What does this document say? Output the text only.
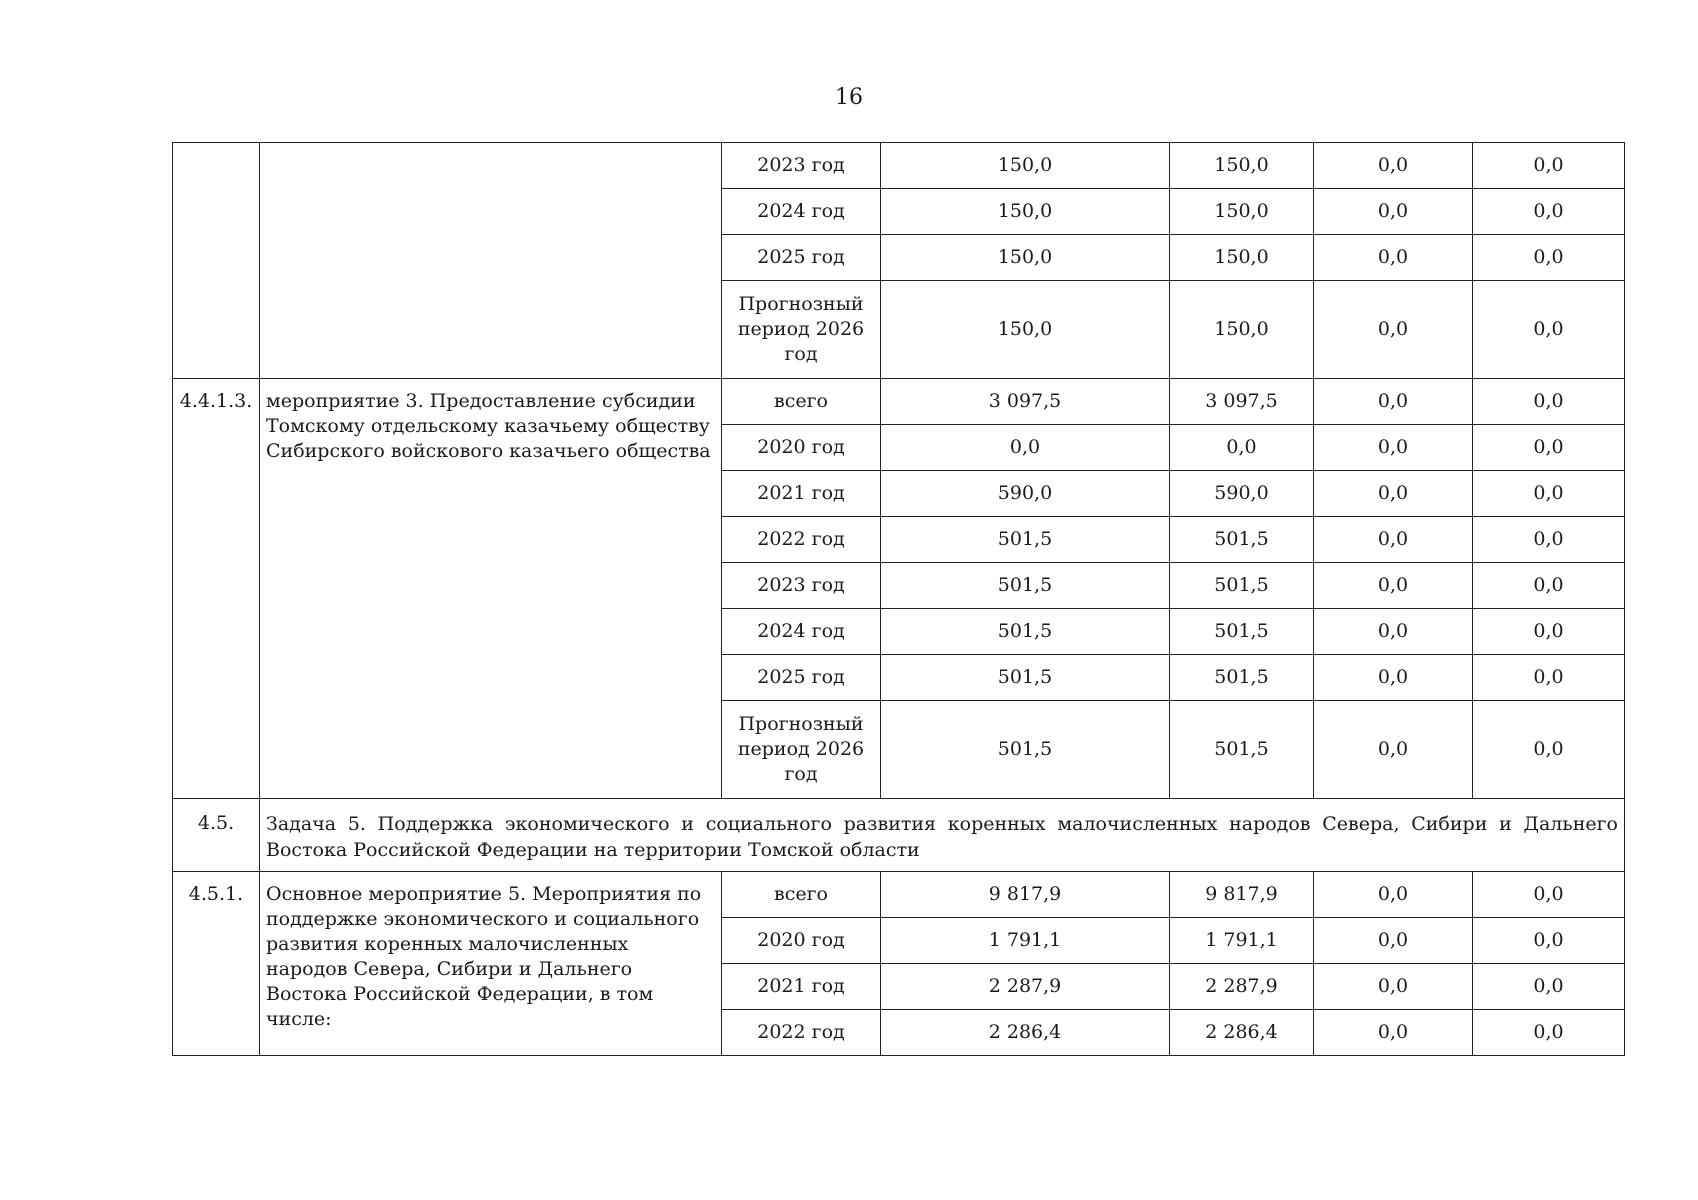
16
		2023 год	150,0	150,0	0,0	0,0
		2024 год	150,0	150,0	0,0	0,0
		2025 год	150,0	150,0	0,0	0,0
		Прогнозный период 2026 год	150,0	150,0	0,0	0,0
4.4.1.3.	мероприятие 3. Предоставление субсидии Томскому отдельскому казачьему обществу Сибирского войскового казачьего общества	всего	3 097,5	3 097,5	0,0	0,0
		2020 год	0,0	0,0	0,0	0,0
		2021 год	590,0	590,0	0,0	0,0
		2022 год	501,5	501,5	0,0	0,0
		2023 год	501,5	501,5	0,0	0,0
		2024 год	501,5	501,5	0,0	0,0
		2025 год	501,5	501,5	0,0	0,0
		Прогнозный период 2026 год	501,5	501,5	0,0	0,0
4.5.	Задача 5. Поддержка экономического и социального развития коренных малочисленных народов Севера, Сибири и Дальнего Востока Российской Федерации на территории Томской области					
4.5.1.	Основное мероприятие 5. Мероприятия по поддержке экономического и социального развития коренных малочисленных народов Севера, Сибири и Дальнего Востока Российской Федерации, в том числе:	всего	9 817,9	9 817,9	0,0	0,0
		2020 год	1 791,1	1 791,1	0,0	0,0
		2021 год	2 287,9	2 287,9	0,0	0,0
		2022 год	2 286,4	2 286,4	0,0	0,0
